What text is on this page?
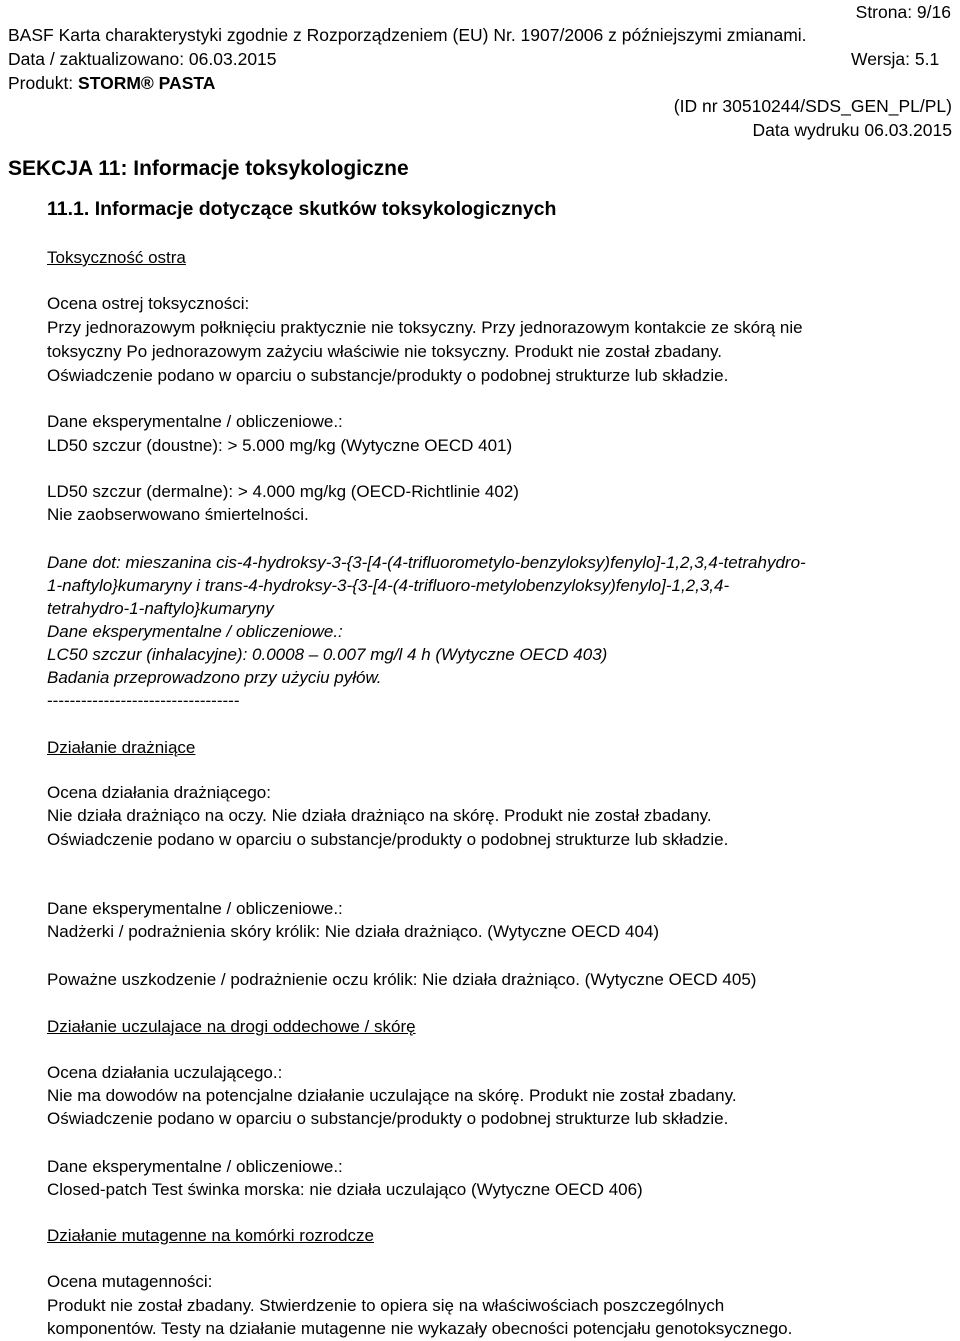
Strona: 9/16
BASF Karta charakterystyki zgodnie z Rozporządzeniem (EU) Nr. 1907/2006 z późniejszymi zmianami.
Data / zaktualizowano: 06.03.2015	Wersja: 5.1
Produkt: STORM® PASTA
(ID nr 30510244/SDS_GEN_PL/PL)
Data wydruku 06.03.2015
SEKCJA 11: Informacje toksykologiczne
11.1. Informacje dotyczące skutków toksykologicznych
Toksyczność ostra
Ocena ostrej toksyczności:
Przy jednorazowym połknięciu praktycznie nie toksyczny. Przy jednorazowym kontakcie ze skórą nie
toksyczny Po jednorazowym zażyciu właściwie nie toksyczny. Produkt nie został zbadany.
Oświadczenie podano w oparciu o substancje/produkty o podobnej strukturze lub składzie.
Dane eksperymentalne / obliczeniowe.:
LD50 szczur (doustne): > 5.000 mg/kg (Wytyczne OECD 401)
LD50 szczur (dermalne): > 4.000 mg/kg (OECD-Richtlinie 402)
Nie zaobserwowano śmiertelności.
Dane dot: mieszanina cis-4-hydroksy-3-{3-[4-(4-trifluorometylo-benzyloksy)fenylo]-1,2,3,4-tetrahydro-
1-naftylo}kumaryny i trans-4-hydroksy-3-{3-[4-(4-trifluoro-metylobenzyloksy)fenylo]-1,2,3,4-
tetrahydro-1-naftylo}kumaryny
Dane eksperymentalne / obliczeniowe.:
LC50 szczur (inhalacyjne): 0.0008 – 0.007 mg/l 4 h (Wytyczne OECD 403)
Badania przeprowadzono przy użyciu pyłów.
----------------------------------
Działanie drażniące
Ocena działania drażniącego:
Nie działa drażniąco na oczy. Nie działa drażniąco na skórę. Produkt nie został zbadany.
Oświadczenie podano w oparciu o substancje/produkty o podobnej strukturze lub składzie.
Dane eksperymentalne / obliczeniowe.:
Nadżerki / podrażnienia skóry królik: Nie działa drażniąco. (Wytyczne OECD 404)
Poważne uszkodzenie / podrażnienie oczu królik: Nie działa drażniąco. (Wytyczne OECD 405)
Działanie uczulajace na drogi oddechowe / skórę
Ocena działania uczulającego.:
Nie ma dowodów na potencjalne działanie uczulające na skórę. Produkt nie został zbadany.
Oświadczenie podano w oparciu o substancje/produkty o podobnej strukturze lub składzie.
Dane eksperymentalne / obliczeniowe.:
Closed-patch Test świnka morska: nie działa uczulająco (Wytyczne OECD 406)
Działanie mutagenne na komórki rozrodcze
Ocena mutagenności:
Produkt nie został zbadany. Stwierdzenie to opiera się na właściwościach poszczególnych
komponentów. Testy na działanie mutagenne nie wykazały obecności potencjału genotoksycznego.
